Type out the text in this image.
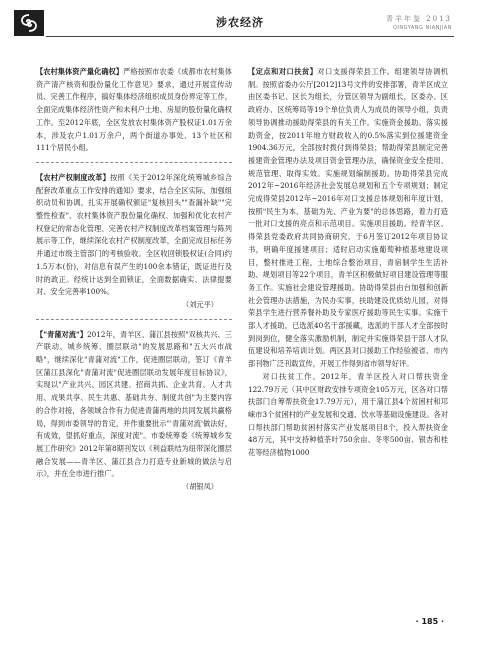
涉农经济	青羊年鉴 2013
QINGYANG NIANJIAN

【农村集体资产量化确权】严格按照市农委《成都市农村集体资产清产核资和股份量化工作意见》要求，通过开展宣传动员、完善工作程序，搞好集体经济组织成员身份界定等工作，全面完成集体经济性资产和未利户土地、房屋的股份量化确权工作。至2012年底，全区发放农村集体资产股权证1.01万余本，涉及农户1.01万余户，两个街道办事处、13个社区和111个居民小组。

【农村产权制度改革】按照《关于2012年深化统筹城乡综合配套改革重点工作安排的通知》要求，结合全区实际，加强组织动员和协调，扎实开展确权颁证"复核回头""查漏补缺""完整性检查"、农村集体资产股份量化确权、加强和优化农村产权登记的常态化管理、完善农村产权制度改革档案管理与陈列展示等工作，继续深化农村产权制度改革，全面完成目标任务并通过市级主管部门的考核验收。全区收回锁股权证(合同)约1.5万本(份)，对信息有误产生的100余本错证，既证进行及时的政正。经统计达到全面锁证，全面数据确实、法律提要对、安全完善率100%。

（刘元平）

【"青蒲对流"】2012年，青羊区、蒲江县按照"双核共兴、三产联动、城乡统筹、圈层联动"的发展思路和"五大兴市战略"，继续深化"青蒲对流"工作，促进圈层联动，签订《青羊区蒲江县深化"青蒲对流"促进圈层联动发展年度目标协议》，实现以"产业共兴、园区共建、招商共抓、企业共育、人才共用、成果共享、民生共惠、基础共夯、制度共创"为主要内容的合作对接，各领域合作有力促进青蒲两地的共同发展共赢格局，得到市委领导的肯定，并作重要批示"'青蒲对流'做法好，有成效，望抓好重点，深度对流"。市委统筹委《统筹城乡发展工作研究》2012年第8期刊发以《利益联结为纽带深化圈层融合发展——青羊区、蒲江县合力打造专业新城的做法与启示》，并在全市进行推广。

（胡银凤）

【定点和对口扶贫】对口支援得荣县工作。组建领导协调机制。按照省委办公厅[2012]13号文件的安排部署，青羊区成立由区委书记、区长为组长，分管区领导为副组长，区委办、区政府办、区统筹局等19个单位负责人为成员的领导小组，负责领导协调推动援助得荣县的有关工作。实施资金援助。落实援助资金，按2011年地方财政收入的0.5%落实到位援建资金1904.36万元，全部按时拨付到得荣县；帮助得荣县制定完善援建资金管理办法及项目资金管理办法，确保资金安全使用、规范管理、取得实效。实施规划编制援助。协助得荣县完成2012年~2016年经济社会发展总规划和五个专项规划；制定完成得荣县2012年~2016年对口支援总体规划和年度计划，按照"民生为本、基础为先、产业为要"的总体思路，着力打造一批对口支援的亮点和示范项目。实施项目援助。经青羊区、得荣县党委政府共同协商研究，于6月签订2012年项目协议书，明确年度援建项目；适时启动实施葡萄种植基地建设项目，整村推进工程，土地综合整治项目，青宿制学生生活补助、规划项目等22个项目，青羊区积极做好项目建设管理等服务工作。实施社会建设管理援助。协助得荣县由台加强和创新社会管理办法措施，为民办实事，扶助建设优质幼儿园，对得荣县学生进行营养餐补助及专家医疗援助等民生实事。实施干部人才援助。已选派40名干部援藏，选派的干部人才全部按时到岗到位，健全落实激励机制，制定并实施得荣县干部人才队伍建设和培养培训计划。两区县对口援助工作经验被省、市内部刊物广泛刊载宣传，开展工作得到省市领导好评。

对口扶贫工作。2012年，青羊区投入对口帮扶资金122.79万元（其中区财政安排专项资金105万元，区各对口帮扶部门自筹帮扶资金17.79万元），用于蒲江县4个贫困村和邛崃市3个贫困村的产业发展和交通、饮水等基础设施建设。各对口帮扶部门帮助贫困村落实产业发展项目8个，投入帮扶资金48万元，其中支持种植茶叶750余亩、冬枣500亩、银杏和桂花等经济植物1000

· 185 ·
